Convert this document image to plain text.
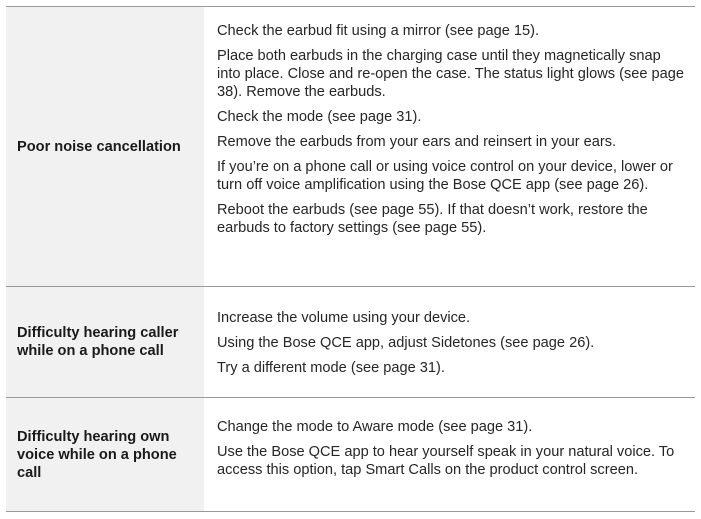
Poor noise cancellation

Check the earbud fit using a mirror (see page 15).

Place both earbuds in the charging case until they magnetically snap into place. Close and re-open the case. The status light glows (see page 38). Remove the earbuds.

Check the mode (see page 31).

Remove the earbuds from your ears and reinsert in your ears.

If you’re on a phone call or using voice control on your device, lower or turn off voice amplification using the Bose QCE app (see page 26).

Reboot the earbuds (see page 55). If that doesn’t work, restore the earbuds to factory settings (see page 55).

Difficulty hearing caller while on a phone call

Increase the volume using your device.

Using the Bose QCE app, adjust Sidetones (see page 26).

Try a different mode (see page 31).

Difficulty hearing own voice while on a phone call

Change the mode to Aware mode (see page 31).

Use the Bose QCE app to hear yourself speak in your natural voice. To access this option, tap Smart Calls on the product control screen.
